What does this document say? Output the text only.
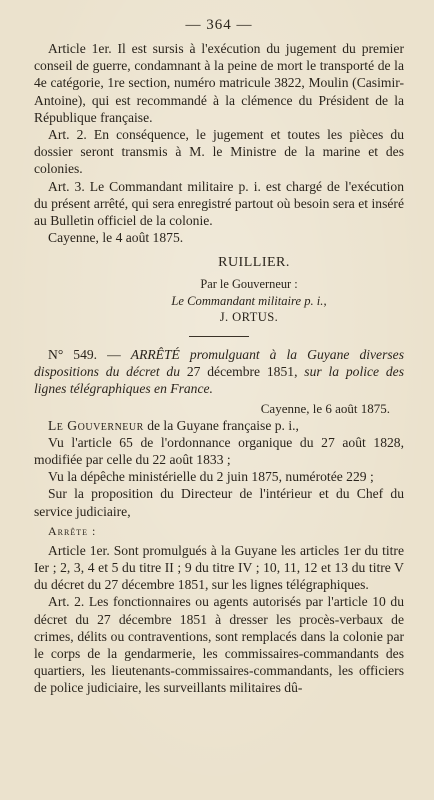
— 364 —

Article 1er. Il est sursis à l'exécution du jugement du premier conseil de guerre, condamnant à la peine de mort le transporté de la 4e catégorie, 1re section, numéro matricule 3822, Moulin (Casimir-Antoine), qui est recommandé à la clémence du Président de la République française.

Art. 2. En conséquence, le jugement et toutes les pièces du dossier seront transmis à M. le Ministre de la marine et des colonies.

Art. 3. Le Commandant militaire p. i. est chargé de l'exécution du présent arrêté, qui sera enregistré partout où besoin sera et inséré au Bulletin officiel de la colonie.

Cayenne, le 4 août 1875.

RUILLIER.
Par le Gouverneur :
Le Commandant militaire p. i.,
J. ORTUS.

N° 549. — ARRÊTÉ promulguant à la Guyane diverses dispositions du décret du 27 décembre 1851, sur la police des lignes télégraphiques en France.

Cayenne, le 6 août 1875.

Le Gouverneur de la Guyane française p. i.,

Vu l'article 65 de l'ordonnance organique du 27 août 1828, modifiée par celle du 22 août 1833 ;

Vu la dépêche ministérielle du 2 juin 1875, numérotée 229 ;

Sur la proposition du Directeur de l'intérieur et du Chef du service judiciaire,

Arrête :

Article 1er. Sont promulgués à la Guyane les articles 1er du titre Ier ; 2, 3, 4 et 5 du titre II ; 9 du titre IV ; 10, 11, 12 et 13 du titre V du décret du 27 décembre 1851, sur les lignes télégraphiques.

Art. 2. Les fonctionnaires ou agents autorisés par l'article 10 du décret du 27 décembre 1851 à dresser les procès-verbaux de crimes, délits ou contraventions, sont remplacés dans la colonie par le corps de la gendarmerie, les commissaires-commandants des quartiers, les lieutenants-commissaires-commandants, les officiers de police judiciaire, les surveillants militaires dû-
